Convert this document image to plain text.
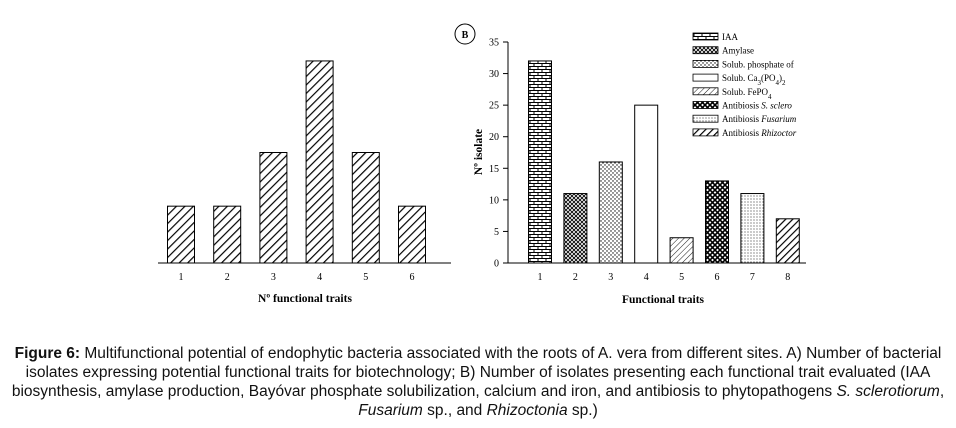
1	2	3	4	5	6
Nº functional traits
B
0
5
10
15
20
25
30
35
1	2	3	4	5	6	7	8
Nº isolate
Functional traits
IAA
Amylase
Solub. phosphate of
Solub. $Ca_3(PO_4)_2$
Solub. FePO$_4$
Antibiosis S. sclero
Antibiosis Fusarium
Antibiosis Rhizoctor
Figure 6: Multifunctional potential of endophytic bacteria associated with the roots of A. vera from different sites. A) Number of bacterial isolates expressing potential functional traits for biotechnology; B) Number of isolates presenting each functional trait evaluated (IAA biosynthesis, amylase production, Bayóvar phosphate solubilization, calcium and iron, and antibiosis to phytopathogens S. sclerotiorum, Fusarium sp., and Rhizoctonia sp.)
